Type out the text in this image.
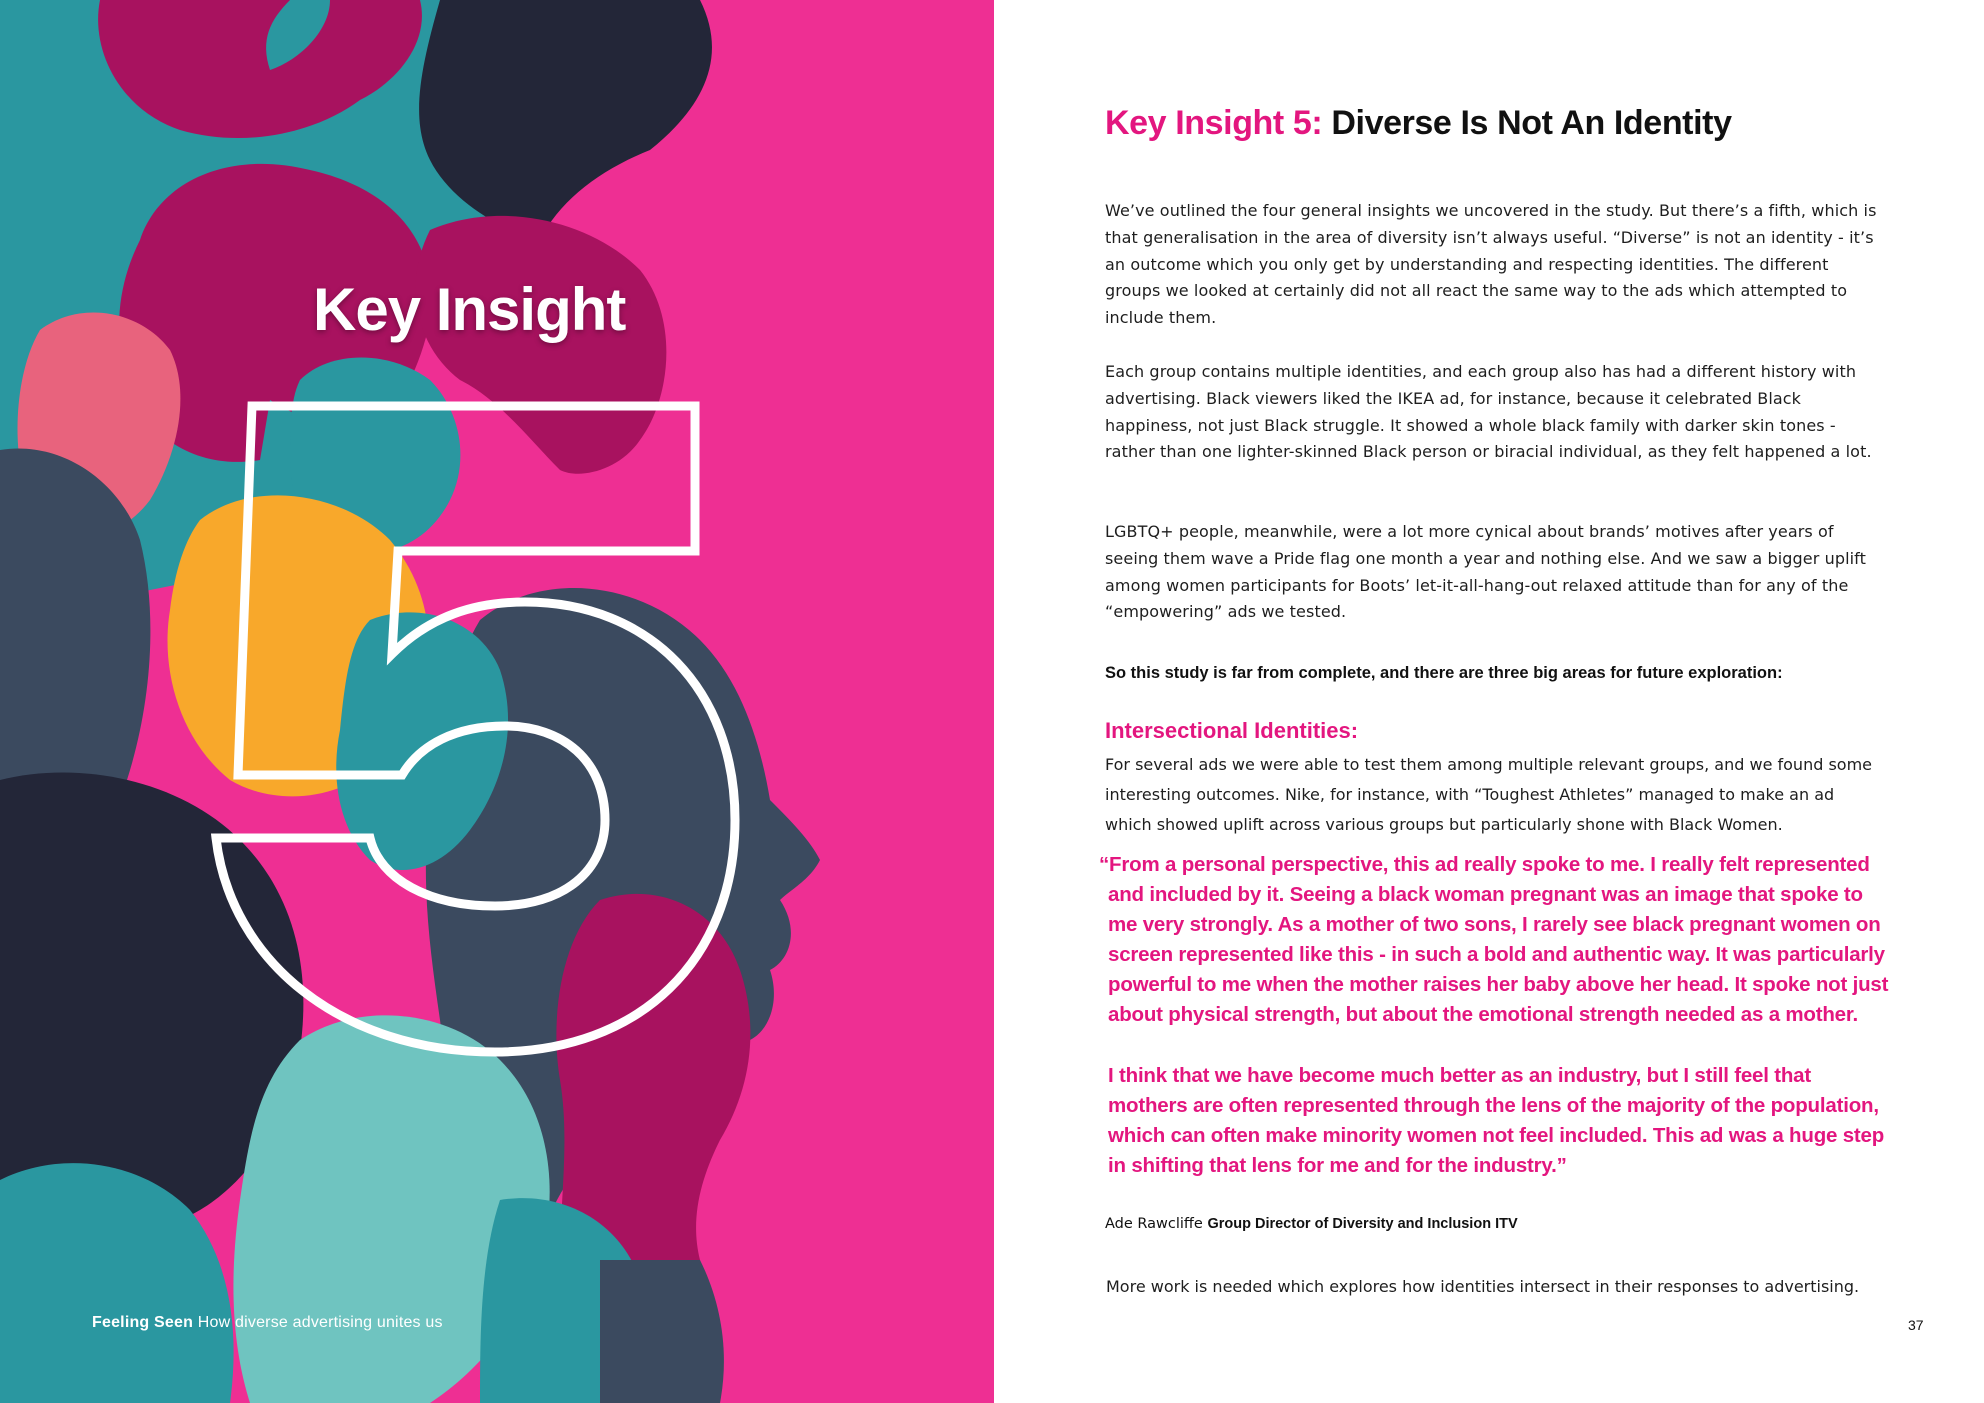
Key Insight
Feeling Seen How diverse advertising unites us
Key Insight 5: Diverse Is Not An Identity

We’ve outlined the four general insights we uncovered in the study. But there’s a fifth, which is that generalisation in the area of diversity isn’t always useful. “Diverse” is not an identity - it’s an outcome which you only get by understanding and respecting identities. The different groups we looked at certainly did not all react the same way to the ads which attempted to include them.

Each group contains multiple identities, and each group also has had a different history with advertising. Black viewers liked the IKEA ad, for instance, because it celebrated Black happiness, not just Black struggle. It showed a whole black family with darker skin tones - rather than one lighter-skinned Black person or biracial individual, as they felt happened a lot.

LGBTQ+ people, meanwhile, were a lot more cynical about brands’ motives after years of seeing them wave a Pride flag one month a year and nothing else. And we saw a bigger uplift among women participants for Boots’ let-it-all-hang-out relaxed attitude than for any of the “empowering” ads we tested.

So this study is far from complete, and there are three big areas for future exploration:

Intersectional Identities:

For several ads we were able to test them among multiple relevant groups, and we found some interesting outcomes. Nike, for instance, with “Toughest Athletes” managed to make an ad which showed uplift across various groups but particularly shone with Black Women.

“From a personal perspective, this ad really spoke to me. I really felt represented and included by it. Seeing a black woman pregnant was an image that spoke to me very strongly. As a mother of two sons, I rarely see black pregnant women on screen represented like this - in such a bold and authentic way. It was particularly powerful to me when the mother raises her baby above her head. It spoke not just about physical strength, but about the emotional strength needed as a mother.

I think that we have become much better as an industry, but I still feel that mothers are often represented through the lens of the majority of the population, which can often make minority women not feel included. This ad was a huge step in shifting that lens for me and for the industry.”

Ade Rawcliffe Group Director of Diversity and Inclusion ITV

More work is needed which explores how identities intersect in their responses to advertising.

37
